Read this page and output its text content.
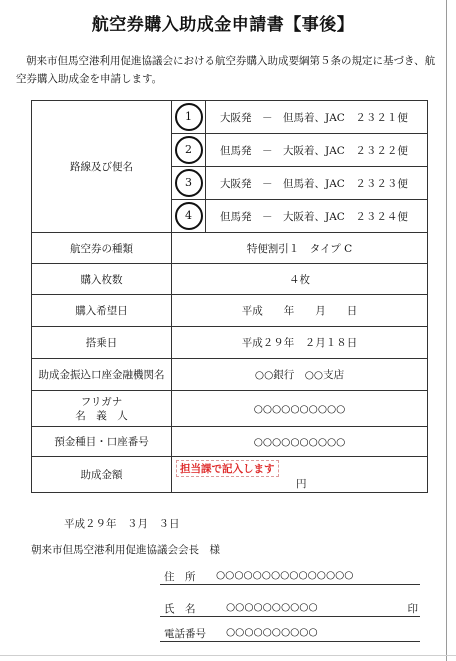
航空券購入助成金申請書【事後】
朝来市但馬空港利用促進協議会における航空券購入助成要綱第５条の規定に基づき、航空券購入助成金を申請します。
路線及び便名	1	大阪発　－　但馬着、JAC　２３２１便
	2	但馬発　－　大阪着、JAC　２３２２便
	3	大阪発　－　但馬着、JAC　２３２３便
	4	但馬発　－　大阪着、JAC　２３２４便
航空券の種類	特便割引１　タイプ C	
購入枚数	４枚	
購入希望日	平成　　年　　月　　日	
搭乗日	平成２９年　２月１８日	
助成金振込口座金融機関名	○○銀行　○○支店	

フリガナ
名　義　人	○○○○○○○○○○	
預金種目・口座番号	○○○○○○○○○○	
助成金額	担当課で記入します
円	
平成２９年　３月　３日
朝来市但馬空港利用促進協議会会長　様
住　所 ○○○○○○○○○○○○○○○
氏　名	○○○○○○○○○○	印
電話番号 ○○○○○○○○○○
